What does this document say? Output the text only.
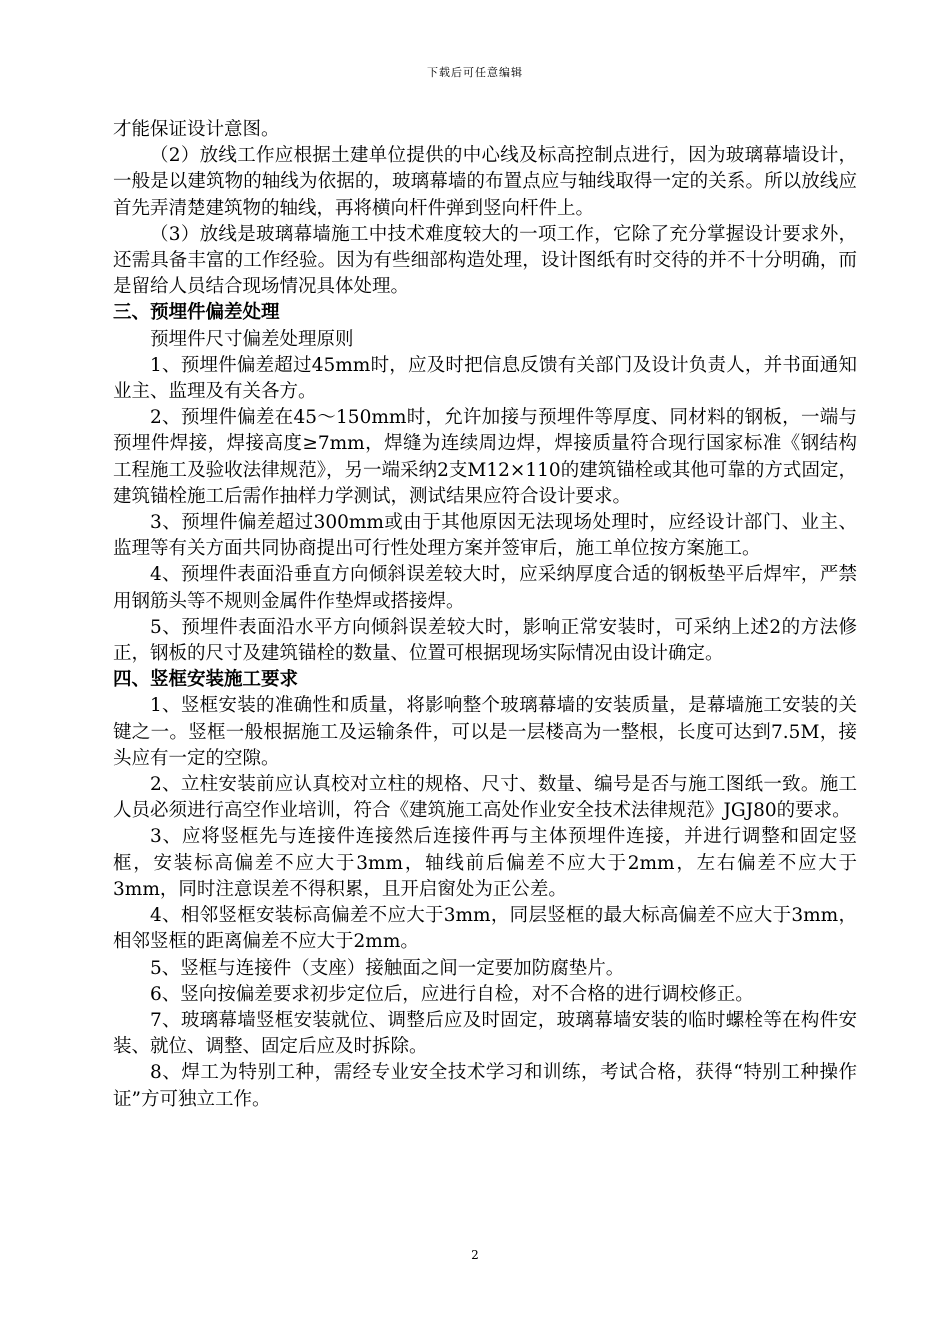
下载后可任意编辑

才能保证设计意图。

（2）放线工作应根据土建单位提供的中心线及标高控制点进行，因为玻璃幕墙设计，一般是以建筑物的轴线为依据的，玻璃幕墙的布置点应与轴线取得一定的关系。所以放线应首先弄清楚建筑物的轴线，再将横向杆件弹到竖向杆件上。

（3）放线是玻璃幕墙施工中技术难度较大的一项工作，它除了充分掌握设计要求外，还需具备丰富的工作经验。因为有些细部构造处理，设计图纸有时交待的并不十分明确，而是留给人员结合现场情况具体处理。

三、预埋件偏差处理

预埋件尺寸偏差处理原则

1、预埋件偏差超过45mm时，应及时把信息反馈有关部门及设计负责人，并书面通知业主、监理及有关各方。

2、预埋件偏差在45～150mm时，允许加接与预埋件等厚度、同材料的钢板，一端与预埋件焊接，焊接高度≥7mm，焊缝为连续周边焊，焊接质量符合现行国家标准《钢结构工程施工及验收法律规范》，另一端采纳2支M12×110的建筑锚栓或其他可靠的方式固定，建筑锚栓施工后需作抽样力学测试，测试结果应符合设计要求。

3、预埋件偏差超过300mm或由于其他原因无法现场处理时，应经设计部门、业主、监理等有关方面共同协商提出可行性处理方案并签审后，施工单位按方案施工。

4、预埋件表面沿垂直方向倾斜误差较大时，应采纳厚度合适的钢板垫平后焊牢，严禁用钢筋头等不规则金属件作垫焊或搭接焊。

5、预埋件表面沿水平方向倾斜误差较大时，影响正常安装时，可采纳上述2的方法修正，钢板的尺寸及建筑锚栓的数量、位置可根据现场实际情况由设计确定。

四、竖框安装施工要求

1、竖框安装的准确性和质量，将影响整个玻璃幕墙的安装质量，是幕墙施工安装的关键之一。竖框一般根据施工及运输条件，可以是一层楼高为一整根，长度可达到7.5M，接头应有一定的空隙。

2、立柱安装前应认真校对立柱的规格、尺寸、数量、编号是否与施工图纸一致。施工人员必须进行高空作业培训，符合《建筑施工高处作业安全技术法律规范》JGJ80的要求。

3、应将竖框先与连接件连接然后连接件再与主体预埋件连接，并进行调整和固定竖框，安装标高偏差不应大于3mm，轴线前后偏差不应大于2mm，左右偏差不应大于3mm，同时注意误差不得积累，且开启窗处为正公差。

4、相邻竖框安装标高偏差不应大于3mm，同层竖框的最大标高偏差不应大于3mm，相邻竖框的距离偏差不应大于2mm。

5、竖框与连接件（支座）接触面之间一定要加防腐垫片。

6、竖向按偏差要求初步定位后，应进行自检，对不合格的进行调校修正。

7、玻璃幕墙竖框安装就位、调整后应及时固定，玻璃幕墙安装的临时螺栓等在构件安装、就位、调整、固定后应及时拆除。

8、焊工为特别工种，需经专业安全技术学习和训练，考试合格，获得“特别工种操作证”方可独立工作。

2
